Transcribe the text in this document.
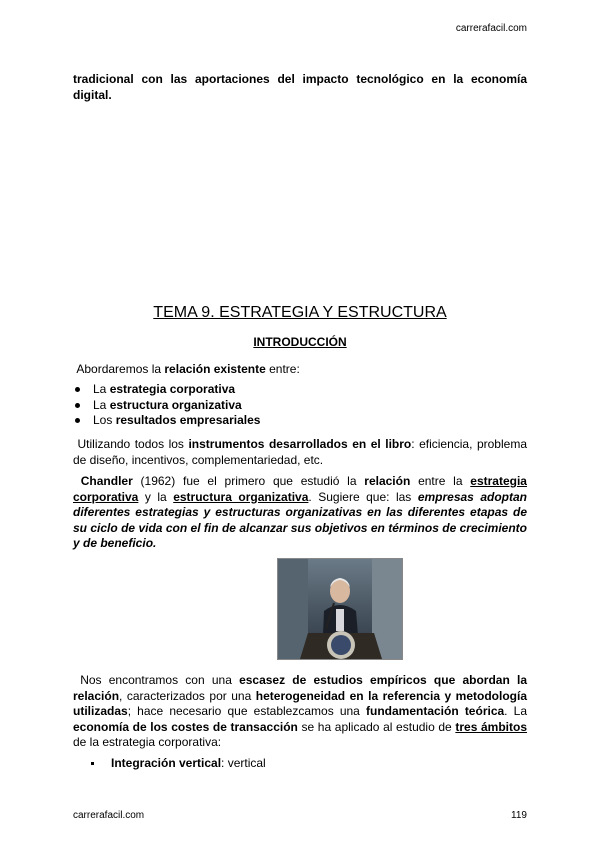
carrerafacil.com
tradicional con las aportaciones del impacto tecnológico en la economía digital.
TEMA 9. ESTRATEGIA Y ESTRUCTURA
INTRODUCCIÓN
Abordaremos la relación existente entre:
La estrategia corporativa
La estructura organizativa
Los resultados empresariales
Utilizando todos los instrumentos desarrollados en el libro: eficiencia, problema de diseño, incentivos, complementariedad, etc.
Chandler (1962) fue el primero que estudió la relación entre la estrategia corporativa y la estructura organizativa. Sugiere que: las empresas adoptan diferentes estrategias y estructuras organizativas en las diferentes etapas de su ciclo de vida con el fin de alcanzar sus objetivos en términos de crecimiento y de beneficio.
Nos encontramos con una escasez de estudios empíricos que abordan la relación, caracterizados por una heterogeneidad en la referencia y metodología utilizadas; hace necesario que establezcamos una fundamentación teórica. La economía de los costes de transacción se ha aplicado al estudio de tres ámbitos de la estrategia corporativa:
Integración vertical: vertical
carrerafacil.com	119
